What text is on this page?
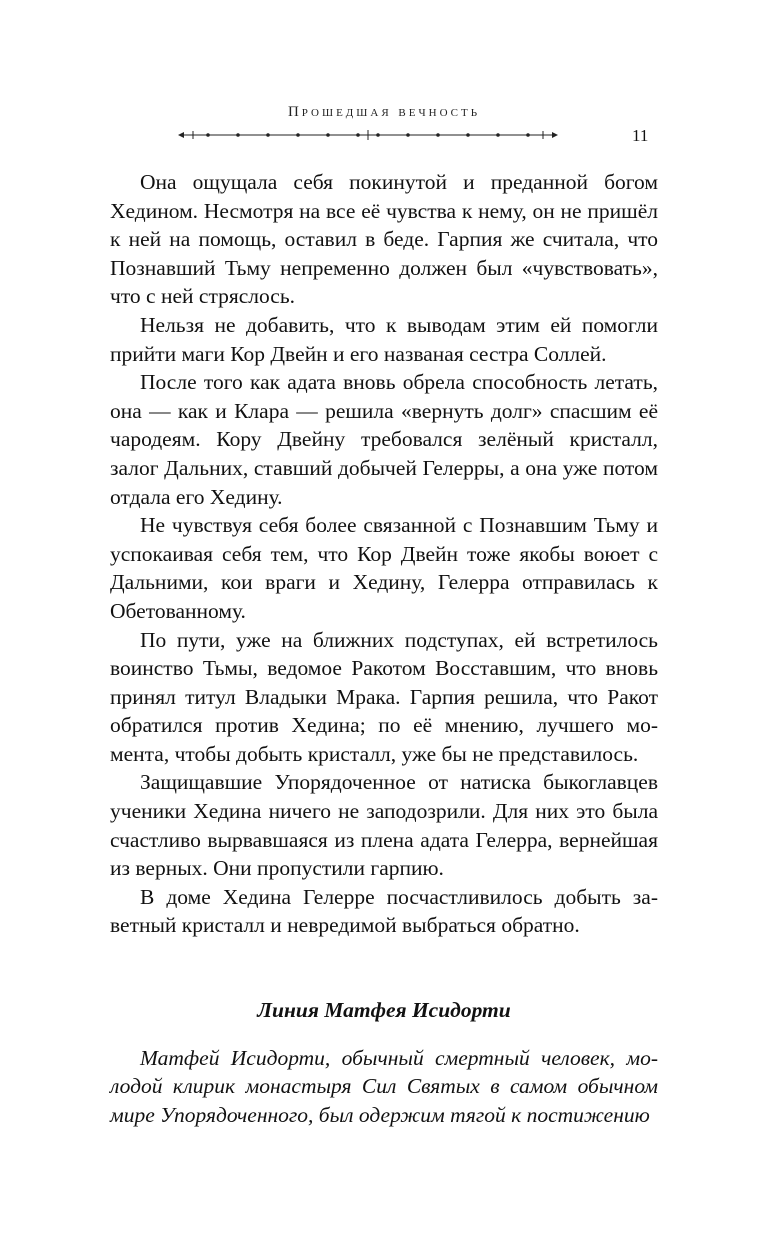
Прошедшая вечность
11

Она ощущала себя покинутой и преданной богом Хедином. Несмотря на все её чувства к нему, он не пришёл к ней на помощь, оставил в беде. Гарпия же считала, что Познавший Тьму непременно должен был «чувствовать», что с ней стряслось.

Нельзя не добавить, что к выводам этим ей помогли прийти маги Кор Двейн и его названая сестра Соллей.

После того как адата вновь обрела способность летать, она — как и Клара — решила «вернуть долг» спасшим её чародеям. Кору Двейну требовался зелёный кристалл, залог Дальних, ставший добычей Гелерры, а она уже потом отдала его Хедину.

Не чувствуя себя более связанной с Познавшим Тьму и успокаивая себя тем, что Кор Двейн тоже якобы воюет с Дальними, кои враги и Хедину, Гелерра отправилась к Обетованному.

По пути, уже на ближних подступах, ей встретилось воинство Тьмы, ведомое Ракотом Восставшим, что вновь принял титул Владыки Мрака. Гарпия решила, что Ракот обратился против Хедина; по её мнению, лучшего момента, чтобы добыть кристалл, уже бы не представилось.

Защищавшие Упорядоченное от натиска быкоглавцев ученики Хедина ничего не заподозрили. Для них это была счастливо вырвавшаяся из плена адата Гелерра, вернейшая из верных. Они пропустили гарпию.

В доме Хедина Гелерре посчастливилось добыть заветный кристалл и невредимой выбраться обратно.

Линия Матфея Исидорти

Матфей Исидорти, обычный смертный человек, молодой клирик монастыря Сил Святых в самом обычном мире Упорядоченного, был одержим тягой к постижению
